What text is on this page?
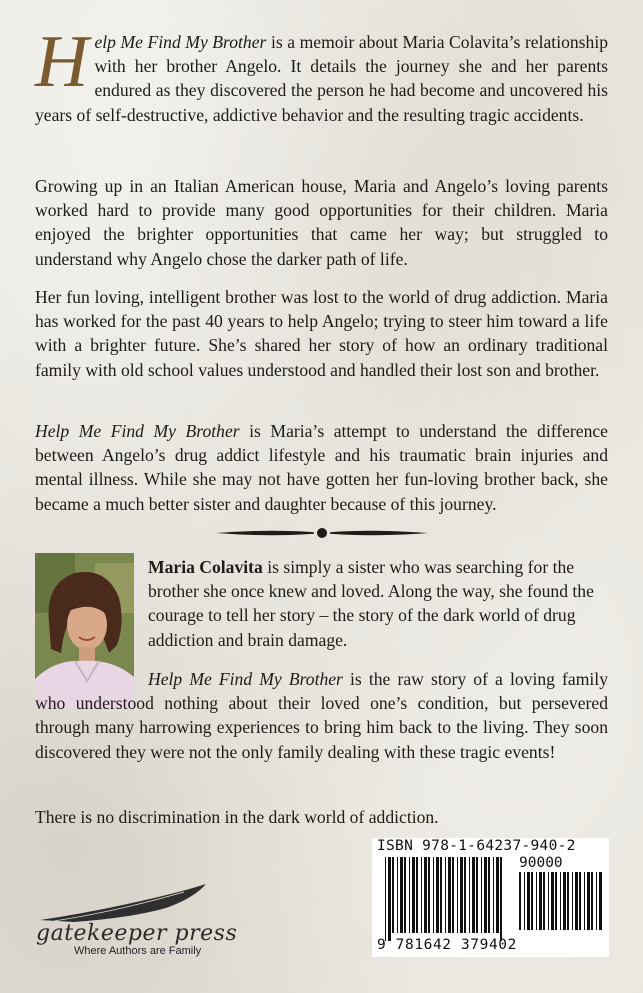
Help Me Find My Brother is a memoir about Maria Colavita’s relationship with her brother Angelo. It details the journey she and her parents endured as they discovered the person he had become and uncovered his years of self-destructive, addictive behavior and the resulting tragic accidents.

Growing up in an Italian American house, Maria and Angelo’s loving parents worked hard to provide many good opportunities for their children. Maria enjoyed the brighter opportunities that came her way; but struggled to understand why Angelo chose the darker path of life.

Her fun loving, intelligent brother was lost to the world of drug addiction. Maria has worked for the past 40 years to help Angelo; trying to steer him toward a life with a brighter future. She’s shared her story of how an ordinary traditional family with old school values understood and handled their lost son and brother.

Help Me Find My Brother is Maria’s attempt to understand the difference between Angelo’s drug addict lifestyle and his traumatic brain injuries and mental illness. While she may not have gotten her fun-loving brother back, she became a much better sister and daughter because of this journey.

Maria Colavita is simply a sister who was searching for the brother she once knew and loved. Along the way, she found the courage to tell her story – the story of the dark world of drug addiction and brain damage.

Help Me Find My Brother is the raw story of a loving family who understood nothing about their loved one’s condition, but persevered through many harrowing experiences to bring him back to the living. They soon discovered they were not the only family dealing with these tragic events!

There is no discrimination in the dark world of addiction.

ISBN 978-1-64237-940-2
90000
9 781642 379402
gatekeeper press
Where Authors are Family
